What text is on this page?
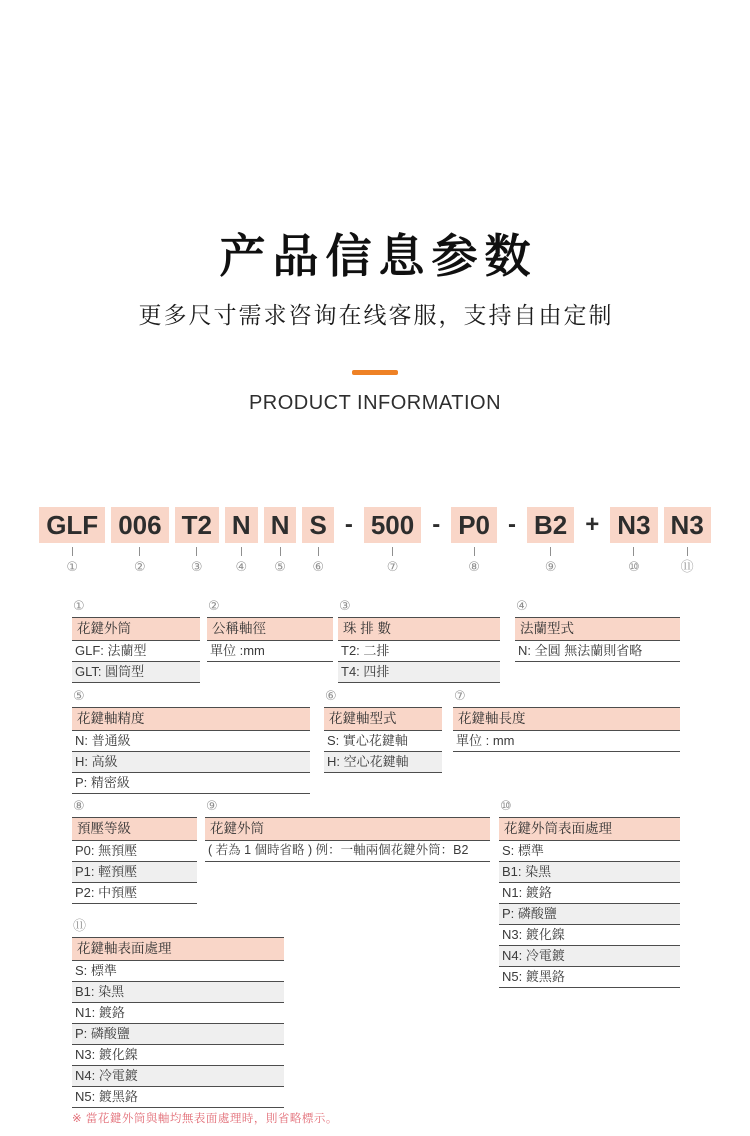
产品信息参数
更多尺寸需求咨询在线客服，支持自由定制
PRODUCT INFORMATION
GLF
①
006
②
T2
③
N
④
N
⑤
S
⑥
- 500
⑦
- P0
⑧
- B2
⑨
+ N3
⑩
N3
⑪
①
花鍵外筒
GLF: 法蘭型
GLT: 圓筒型
②
公稱軸徑
單位 :mm
③
珠 排 數
T2: 二排
T4: 四排
④
法蘭型式
N: 全圓 無法蘭則省略
⑤
花鍵軸精度
N: 普通級
H: 高級
P: 精密級
⑥
花鍵軸型式
S: 實心花鍵軸
H: 空心花鍵軸
⑦
花鍵軸長度
單位 : mm
⑧
預壓等級
P0: 無預壓
P1: 輕預壓
P2: 中預壓
⑨
花鍵外筒
( 若為 1 個時省略 ) 例：一軸兩個花鍵外筒：B2
⑩
花鍵外筒表面處理
S: 標準
B1: 染黑
N1: 鍍鉻
P: 磷酸鹽
N3: 鍍化鎳
N4: 冷電鍍
N5: 鍍黑鉻
⑪
花鍵軸表面處理
S: 標準
B1: 染黑
N1: 鍍鉻
P: 磷酸鹽
N3: 鍍化鎳
N4: 冷電鍍
N5: 鍍黑鉻
※ 當花鍵外筒與軸均無表面處理時，則省略標示。
